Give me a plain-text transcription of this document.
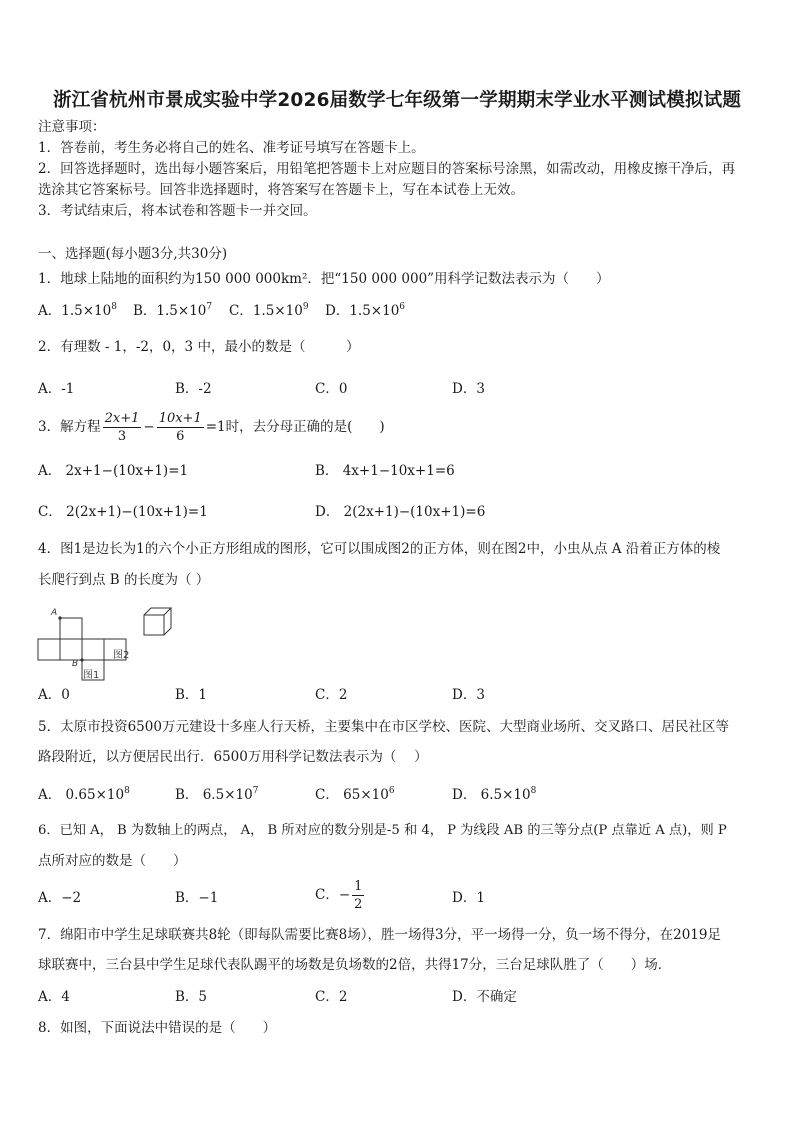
浙江省杭州市景成实验中学2026届数学七年级第一学期期末学业水平测试模拟试题
注意事项：
1．答卷前，考生务必将自己的姓名、准考证号填写在答题卡上。
2．回答选择题时，选出每小题答案后，用铅笔把答题卡上对应题目的答案标号涂黑，如需改动，用橡皮擦干净后，再
选涂其它答案标号。回答非选择题时，将答案写在答题卡上，写在本试卷上无效。
3．考试结束后，将本试卷和答题卡一并交回。
一、选择题(每小题3分,共30分)
1．地球上陆地的面积约为150 000 000km²．把“150 000 000”用科学记数法表示为（　　）
A．$1.5\times 10^8$ B．$1.5\times 10^7$ C．$1.5\times 10^9$ D．$1.5\times 10^6$
2．有理数 - 1，-2，0，3 中，最小的数是（　　　）
A．-1	B．-2	C．0	D．3
3．解方程 $\frac{2x+1}{3} - \frac{10x+1}{6} =1$时，去分母正确的是(　　)
A． 2x+1−(10x+1)=1	B． 4x+1−10x+1=6
C． 2(2x+1)−(10x+1)=1	D． 2(2x+1)−(10x+1)=6
4．图1是边长为1的六个小正方形组成的图形，它可以围成图2的正方体，则在图2中，小虫从点 A 沿着正方体的棱
长爬行到点 B 的长度为（ ）
A
B
图2
图1
A．0	B．1	C．2	D．3
5．太原市投资6500万元建设十多座人行天桥，主要集中在市区学校、医院、大型商业场所、交叉路口、居民社区等
路段附近，以方便居民出行．6500万用科学记数法表示为（　 ）
A． $0.65\times 10^8$	B． $6.5\times 10^7$	C． $65\times 10^6$	D． $6.5\times 10^8$
6．已知 A， B 为数轴上的两点， A， B 所对应的数分别是-5 和 4， P 为线段 AB 的三等分点(P 点靠近 A 点)，则 P
点所对应的数是（　　）
A．−2	B．−1	C．− $\frac{1}{2}$	D．1
7．绵阳市中学生足球联赛共8轮（即每队需要比赛8场），胜一场得3分，平一场得一分，负一场不得分，在2019足
球联赛中，三台县中学生足球代表队踢平的场数是负场数的2倍，共得17分，三台足球队胜了（　　）场．
A．4	B．5	C．2	D．不确定
8．如图，下面说法中错误的是（　　）
